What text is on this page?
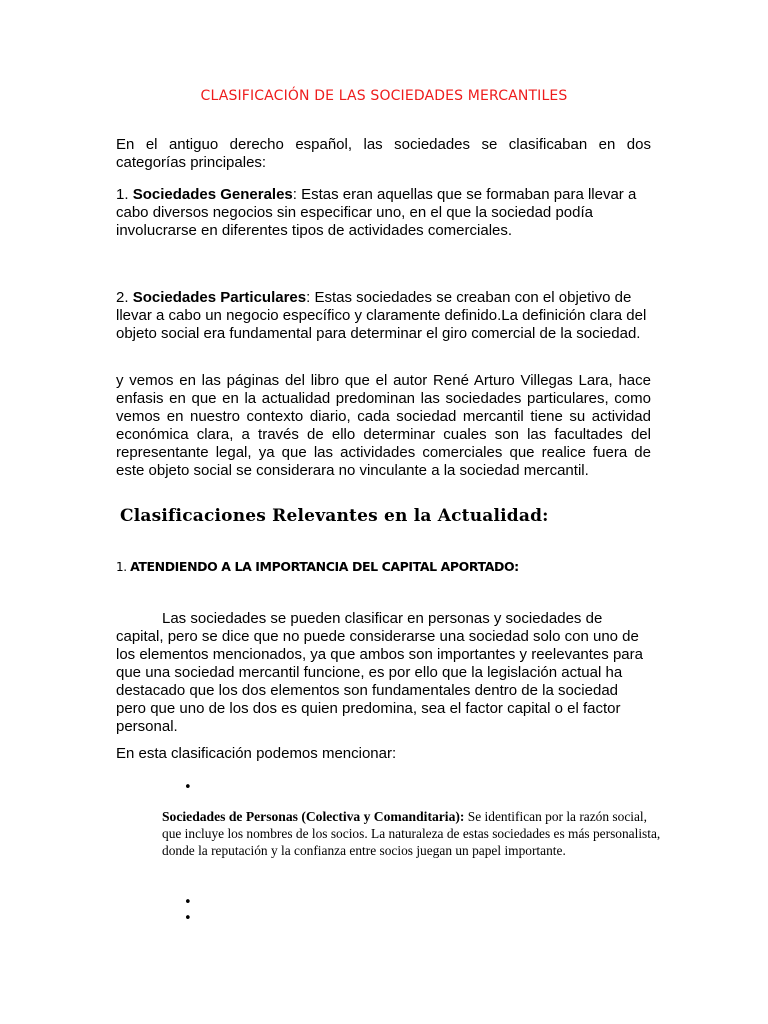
CLASIFICACIÓN DE LAS SOCIEDADES MERCANTILES

En el antiguo derecho español, las sociedades se clasificaban en dos categorías principales:

1. Sociedades Generales: Estas eran aquellas que se formaban para llevar a cabo diversos negocios sin especificar uno, en el que la sociedad podía involucrarse en diferentes tipos de actividades comerciales.

2. Sociedades Particulares: Estas sociedades se creaban con el objetivo de llevar a cabo un negocio específico y claramente definido.La definición clara del objeto social era fundamental para determinar el giro comercial de la sociedad.

y vemos en las páginas del libro que el autor René Arturo Villegas Lara, hace enfasis en que en la actualidad predominan las sociedades particulares, como vemos en nuestro contexto diario, cada sociedad mercantil tiene su actividad económica clara, a través de ello determinar cuales son las facultades del representante legal, ya que las actividades comerciales que realice fuera de este objeto social se considerara no vinculante a la sociedad mercantil.

Clasificaciones Relevantes en la Actualidad:
1. ATENDIENDO A LA IMPORTANCIA DEL CAPITAL APORTADO:

Las sociedades se pueden clasificar en personas y sociedades de capital, pero se dice que no puede considerarse una sociedad solo con uno de los elementos mencionados, ya que ambos son importantes y reelevantes para que una sociedad mercantil funcione, es por ello que la legislación actual ha destacado que los dos elementos son fundamentales dentro de la sociedad pero que uno de los dos es quien predomina, sea el factor capital o el factor personal.

En esta clasificación podemos mencionar:

•
Sociedades de Personas (Colectiva y Comanditaria): Se identifican por la razón social, que incluye los nombres de los socios. La naturaleza de estas sociedades es más personalista, donde la reputación y la confianza entre socios juegan un papel importante.
•
•
